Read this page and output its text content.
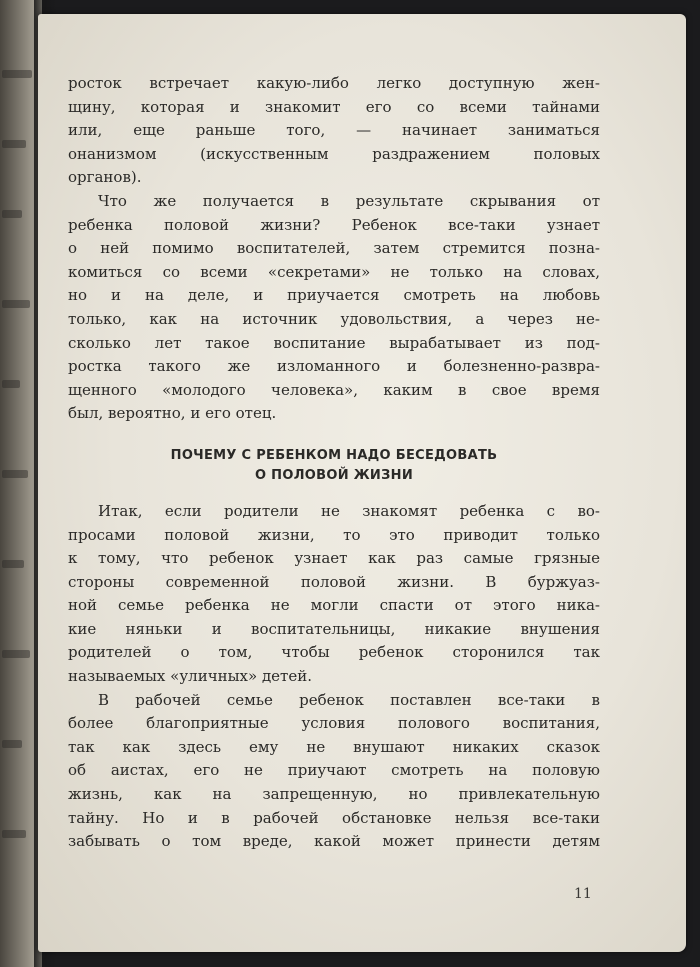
росток встречает какую-либо легко доступную жен-
щину, которая и знакомит его со всеми тайнами
или, еще раньше того, — начинает заниматься
онанизмом (искусственным раздражением половых
органов).
Что же получается в результате скрывания от
ребенка половой жизни? Ребенок все-таки узнает
о ней помимо воспитателей, затем стремится позна-
комиться со всеми «секретами» не только на словах,
но и на деле, и приучается смотреть на любовь
только, как на источник удовольствия, а через не-
сколько лет такое воспитание вырабатывает из под-
ростка такого же изломанного и болезненно-развра-
щенного «молодого человека», каким в свое время
был, вероятно, и его отец.
ПОЧЕМУ С РЕБЕНКОМ НАДО БЕСЕДОВАТЬ
О ПОЛОВОЙ ЖИЗНИ
Итак, если родители не знакомят ребенка с во-
просами половой жизни, то это приводит только
к тому, что ребенок узнает как раз самые грязные
стороны современной половой жизни. В буржуаз-
ной семье ребенка не могли спасти от этого ника-
кие няньки и воспитательницы, никакие внушения
родителей о том, чтобы ребенок сторонился так
называемых «уличных» детей.
В рабочей семье ребенок поставлен все-таки в
более благоприятные условия полового воспитания,
так как здесь ему не внушают никаких сказок
об аистах, его не приучают смотреть на половую
жизнь, как на запрещенную, но привлекательную
тайну. Но и в рабочей обстановке нельзя все-таки
забывать о том вреде, какой может принести детям
11
